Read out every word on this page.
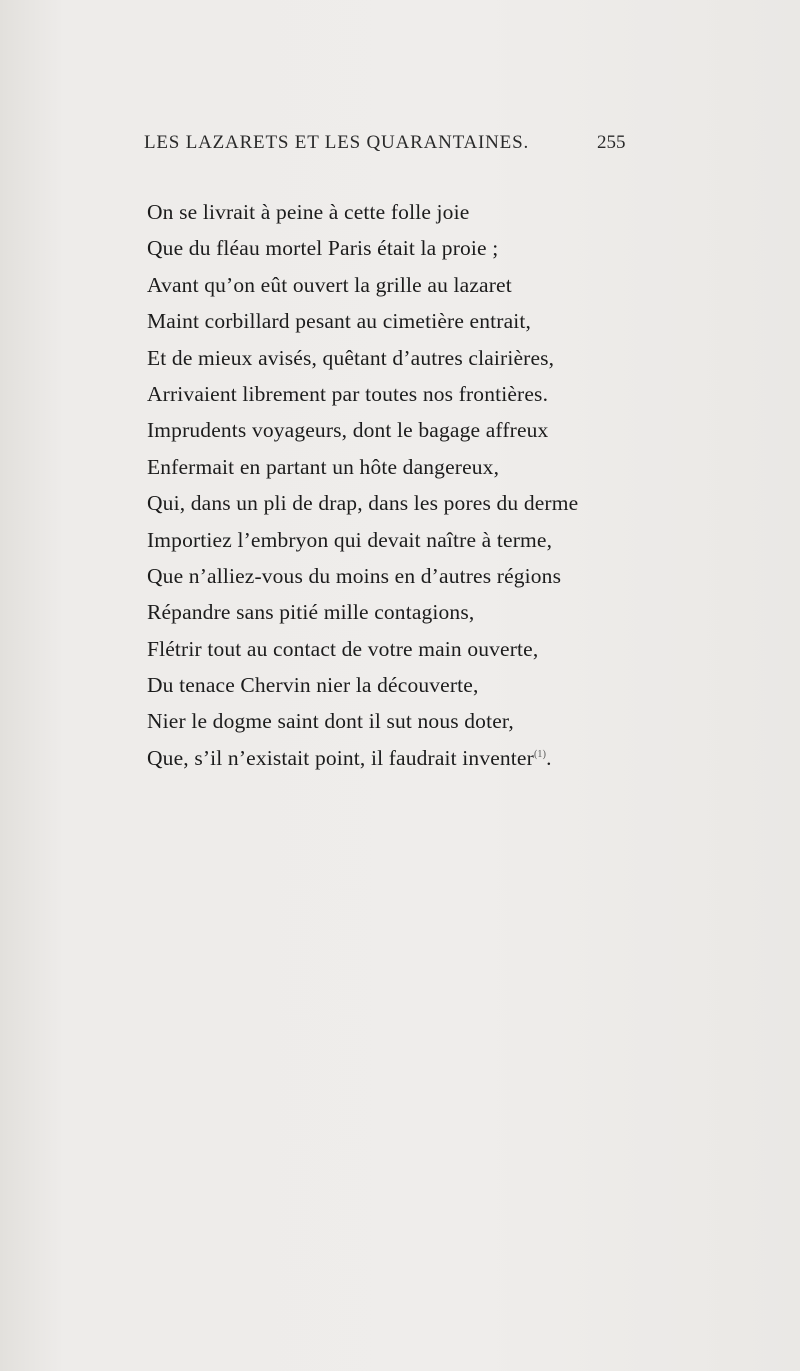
LES LAZARETS ET LES QUARANTAINES.	255
On se livrait à peine à cette folle joie
Que du fléau mortel Paris était la proie ;
Avant qu’on eût ouvert la grille au lazaret
Maint corbillard pesant au cimetière entrait,
Et de mieux avisés, quêtant d’autres clairières,
Arrivaient librement par toutes nos frontières.
Imprudents voyageurs, dont le bagage affreux
Enfermait en partant un hôte dangereux,
Qui, dans un pli de drap, dans les pores du derme
Importiez l’embryon qui devait naître à terme,
Que n’alliez-vous du moins en d’autres régions
Répandre sans pitié mille contagions,
Flétrir tout au contact de votre main ouverte,
Du tenace Chervin nier la découverte,
Nier le dogme saint dont il sut nous doter,
Que, s’il n’existait point, il faudrait inventer$^{(1)}$.
